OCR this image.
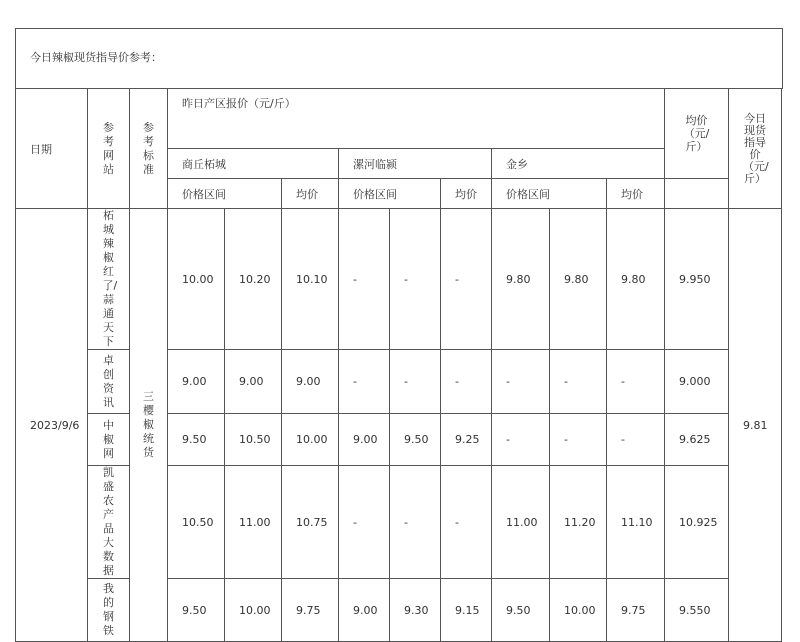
今日辣椒现货指导价参考：
日期	参考网站	参考标准	昨日产区报价（元/斤）									均价（元/斤）	今日现货指导价（元/斤）
			商丘柘城			漯河临颍			金乡				
			价格区间		均价	价格区间		均价	价格区间		均价		
2023/9/6	柘城辣椒红了/蒜通天下	三樱椒统货	10.00	10.20	10.10	-	-	-	9.80	9.80	9.80	9.950	9.81
	卓创资讯		9.00	9.00	9.00	-	-	-	-	-	-	9.000	
	中椒网		9.50	10.50	10.00	9.00	9.50	9.25	-	-	-	9.625	
	凯盛农产品大数据		10.50	11.00	10.75	-	-	-	11.00	11.20	11.10	10.925	
	我的钢铁		9.50	10.00	9.75	9.00	9.30	9.15	9.50	10.00	9.75	9.550	
